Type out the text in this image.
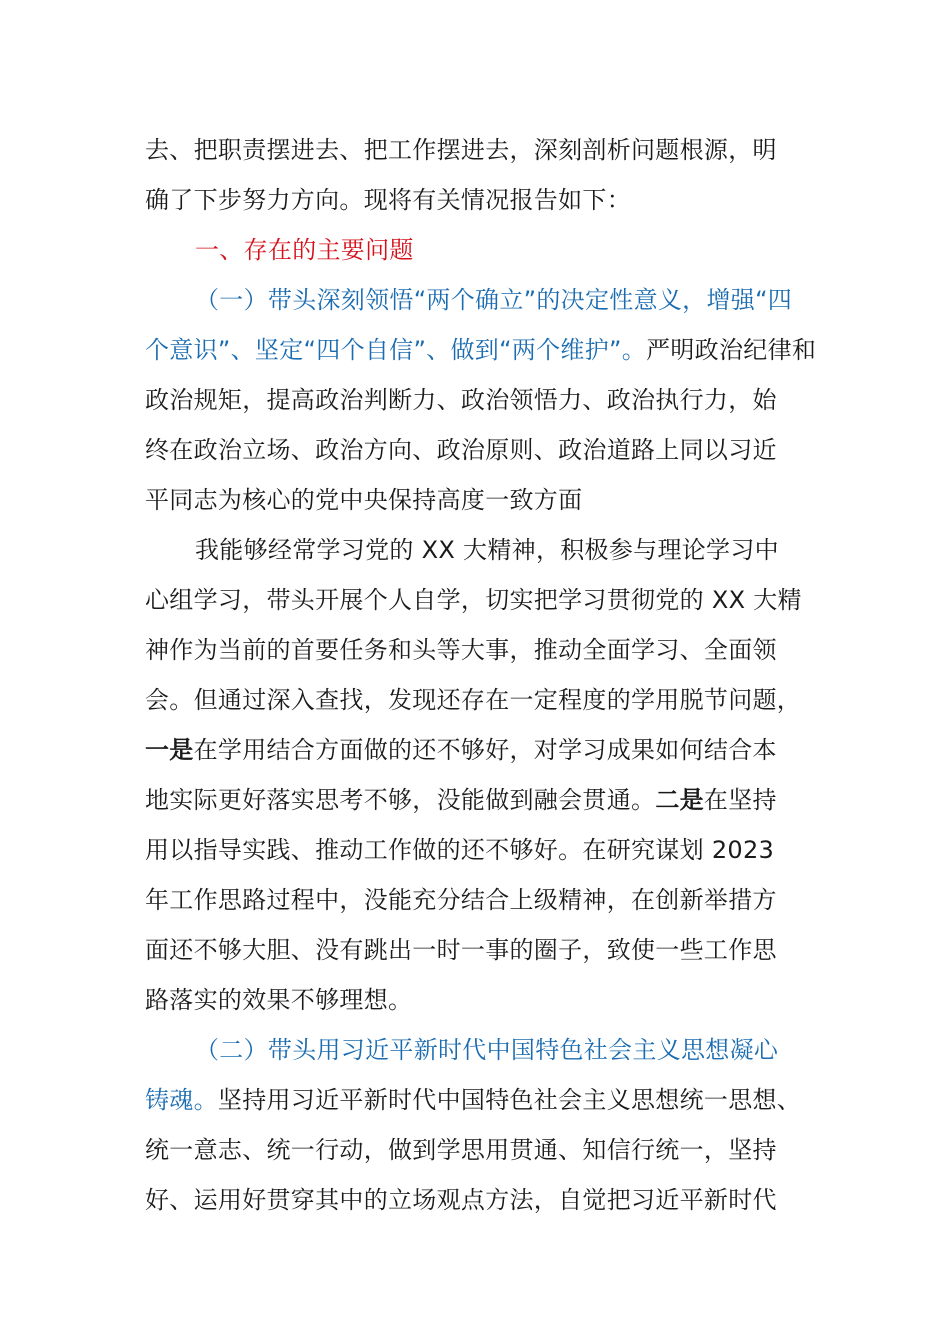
去、把职责摆进去、把工作摆进去，深刻剖析问题根源，明
确了下步努力方向。现将有关情况报告如下：
一、存在的主要问题
（一）带头深刻领悟“两个确立”的决定性意义，增强“四
个意识”、坚定“四个自信”、做到“两个维护”。严明政治纪律和
政治规矩，提高政治判断力、政治领悟力、政治执行力，始
终在政治立场、政治方向、政治原则、政治道路上同以习近
平同志为核心的党中央保持高度一致方面
我能够经常学习党的 XX 大精神，积极参与理论学习中
心组学习，带头开展个人自学，切实把学习贯彻党的 XX 大精
神作为当前的首要任务和头等大事，推动全面学习、全面领
会。但通过深入查找，发现还存在一定程度的学用脱节问题，
一是在学用结合方面做的还不够好，对学习成果如何结合本
地实际更好落实思考不够，没能做到融会贯通。二是在坚持
用以指导实践、推动工作做的还不够好。在研究谋划 2023
年工作思路过程中，没能充分结合上级精神，在创新举措方
面还不够大胆、没有跳出一时一事的圈子，致使一些工作思
路落实的效果不够理想。
（二）带头用习近平新时代中国特色社会主义思想凝心
铸魂。坚持用习近平新时代中国特色社会主义思想统一思想、
统一意志、统一行动，做到学思用贯通、知信行统一，坚持
好、运用好贯穿其中的立场观点方法，自觉把习近平新时代
